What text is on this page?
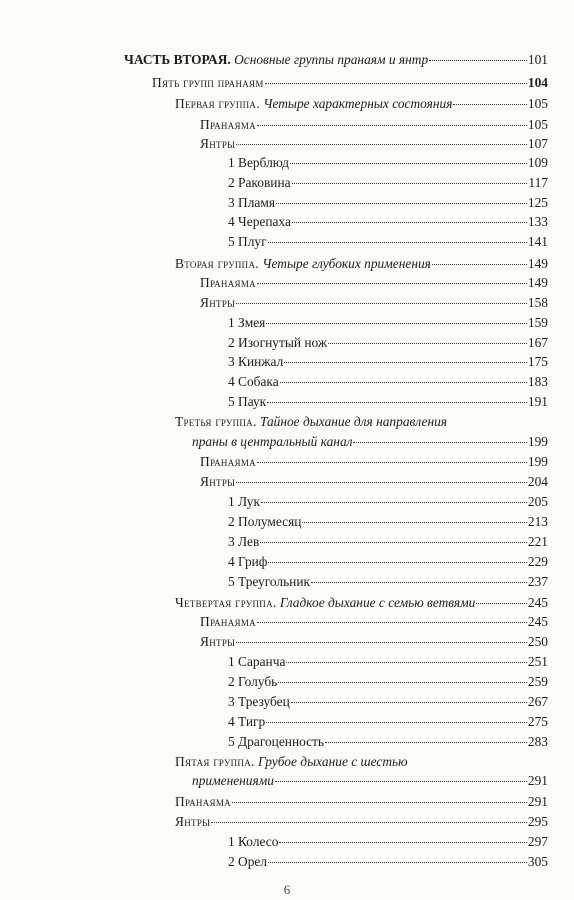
ЧАСТЬ ВТОРАЯ. Основные группы пранаям и янтр	101
Пять групп пранаям	104
Первая группа. Четыре характерных состояния	105
Пранаяма	105
Янтры	107
1 Верблюд	109
2 Раковина	117
3 Пламя	125
4 Черепаха	133
5 Плуг	141
Вторая группа. Четыре глубоких применения	149
Пранаяма	149
Янтры	158
1 Змея	159
2 Изогнутый нож	167
3 Кинжал	175
4 Собака	183
5 Паук	191
Третья группа. Тайное дыхание для направления
праны в центральный канал	199
Пранаяма	199
Янтры	204
1 Лук	205
2 Полумесяц	213
3 Лев	221
4 Гриф	229
5 Треугольник	237
Четвертая группа. Гладкое дыхание с семью ветвями	245
Пранаяма	245
Янтры	250
1 Саранча	251
2 Голубь	259
3 Трезубец	267
4 Тигр	275
5 Драгоценность	283
Пятая группа. Грубое дыхание с шестью
применениями	291
Пранаяма	291
Янтры	295
1 Колесо	297
2 Орел	305
6
